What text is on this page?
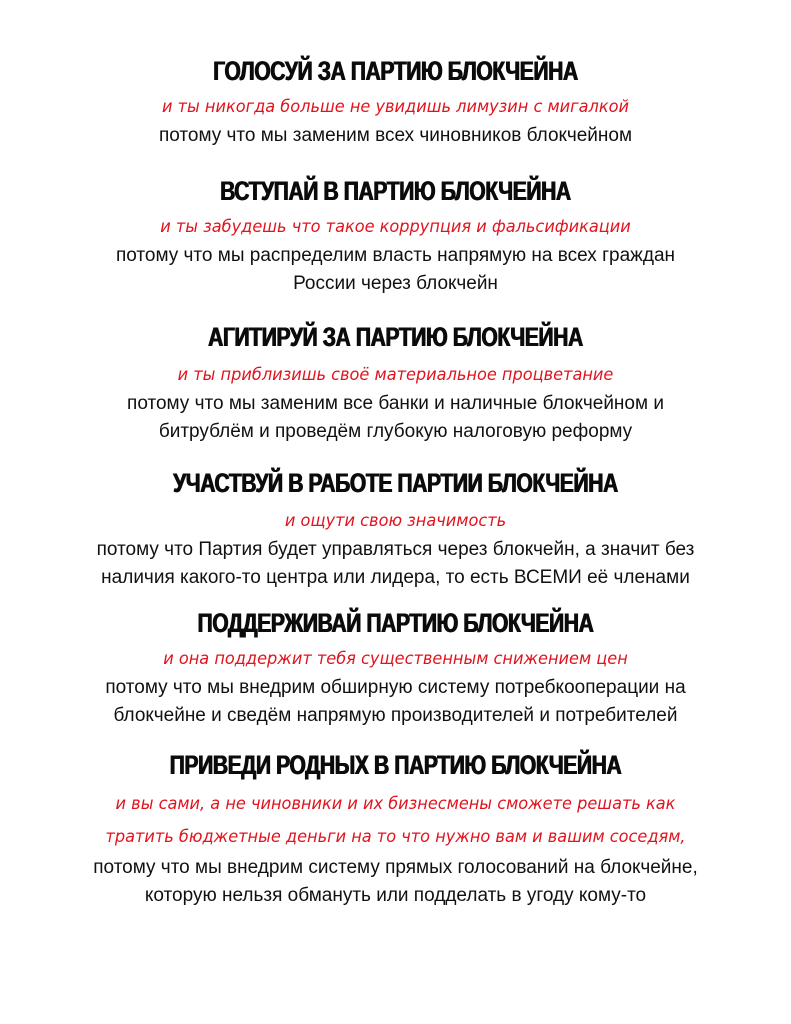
ГОЛОСУЙ ЗА ПАРТИЮ БЛОКЧЕЙНА
и ты никогда больше не увидишь лимузин с мигалкой
потому что мы заменим всех чиновников блокчейном
ВСТУПАЙ В ПАРТИЮ БЛОКЧЕЙНА
и ты забудешь что такое коррупция и фальсификации
потому что мы распределим власть напрямую на всех граждан
России через блокчейн
АГИТИРУЙ ЗА ПАРТИЮ БЛОКЧЕЙНА
и ты приблизишь своё материальное процветание
потому что мы заменим все банки и наличные блокчейном и
битрублём и проведём глубокую налоговую реформу
УЧАСТВУЙ В РАБОТЕ ПАРТИИ БЛОКЧЕЙНА
и ощути свою значимость
потому что Партия будет управляться через блокчейн, а значит без
наличия какого-то центра или лидера, то есть ВСЕМИ её членами
ПОДДЕРЖИВАЙ ПАРТИЮ БЛОКЧЕЙНА
и она поддержит тебя существенным снижением цен
потому что мы внедрим обширную систему потребкооперации на
блокчейне и сведём напрямую производителей и потребителей
ПРИВЕДИ РОДНЫХ В ПАРТИЮ БЛОКЧЕЙНА
и вы сами, а не чиновники и их бизнесмены сможете решать как
тратить бюджетные деньги на то что нужно вам и вашим соседям,
потому что мы внедрим систему прямых голосований на блокчейне,
которую нельзя обмануть или подделать в угоду кому-то
